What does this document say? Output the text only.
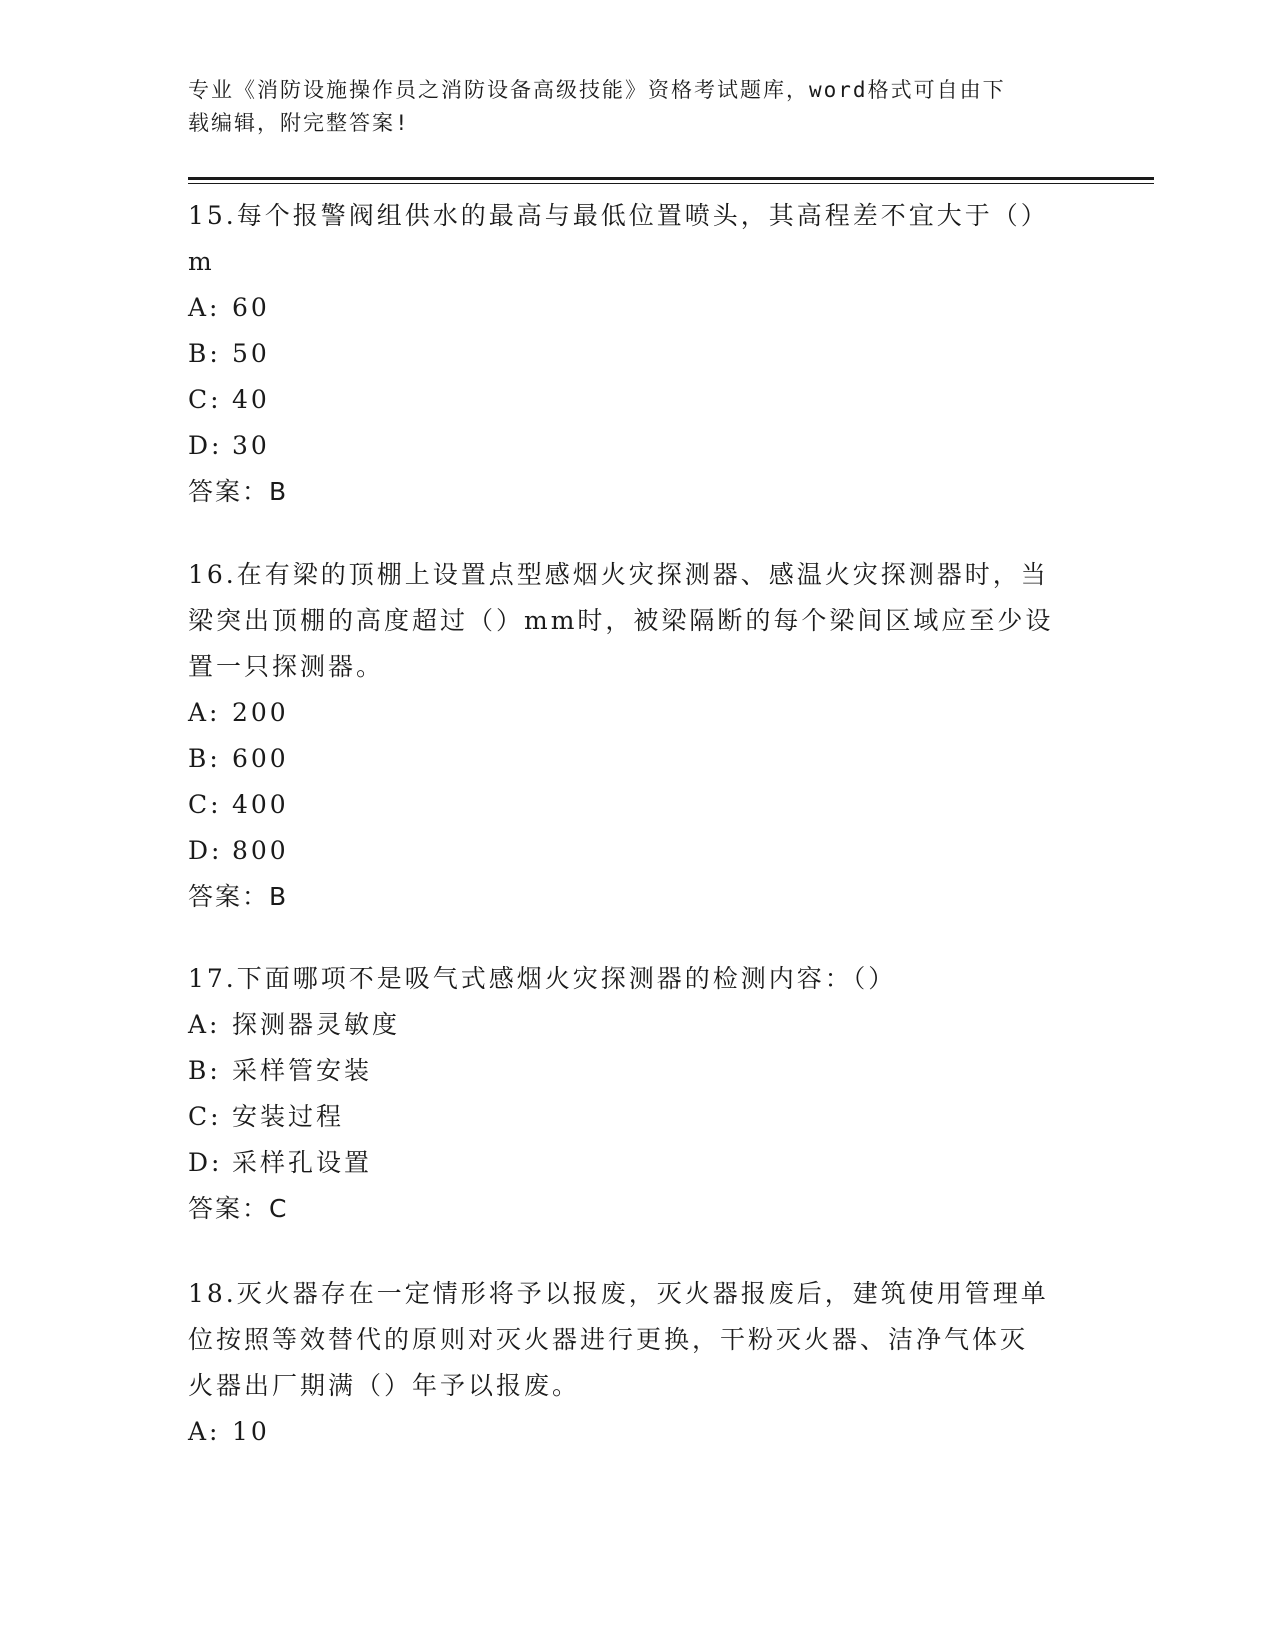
专业《消防设施操作员之消防设备高级技能》资格考试题库，word格式可自由下
载编辑，附完整答案!
15.每个报警阀组供水的最高与最低位置喷头，其高程差不宜大于（）
m
A: 60
B: 50
C: 40
D: 30
答案：B
16.在有梁的顶棚上设置点型感烟火灾探测器、感温火灾探测器时，当
梁突出顶棚的高度超过（）mm时，被梁隔断的每个梁间区域应至少设
置一只探测器。
A: 200
B: 600
C: 400
D: 800
答案：B
17.下面哪项不是吸气式感烟火灾探测器的检测内容：（）
A: 探测器灵敏度
B: 采样管安装
C: 安装过程
D: 采样孔设置
答案：C
18.灭火器存在一定情形将予以报废，灭火器报废后，建筑使用管理单
位按照等效替代的原则对灭火器进行更换，干粉灭火器、洁净气体灭
火器出厂期满（）年予以报废。
A: 10
